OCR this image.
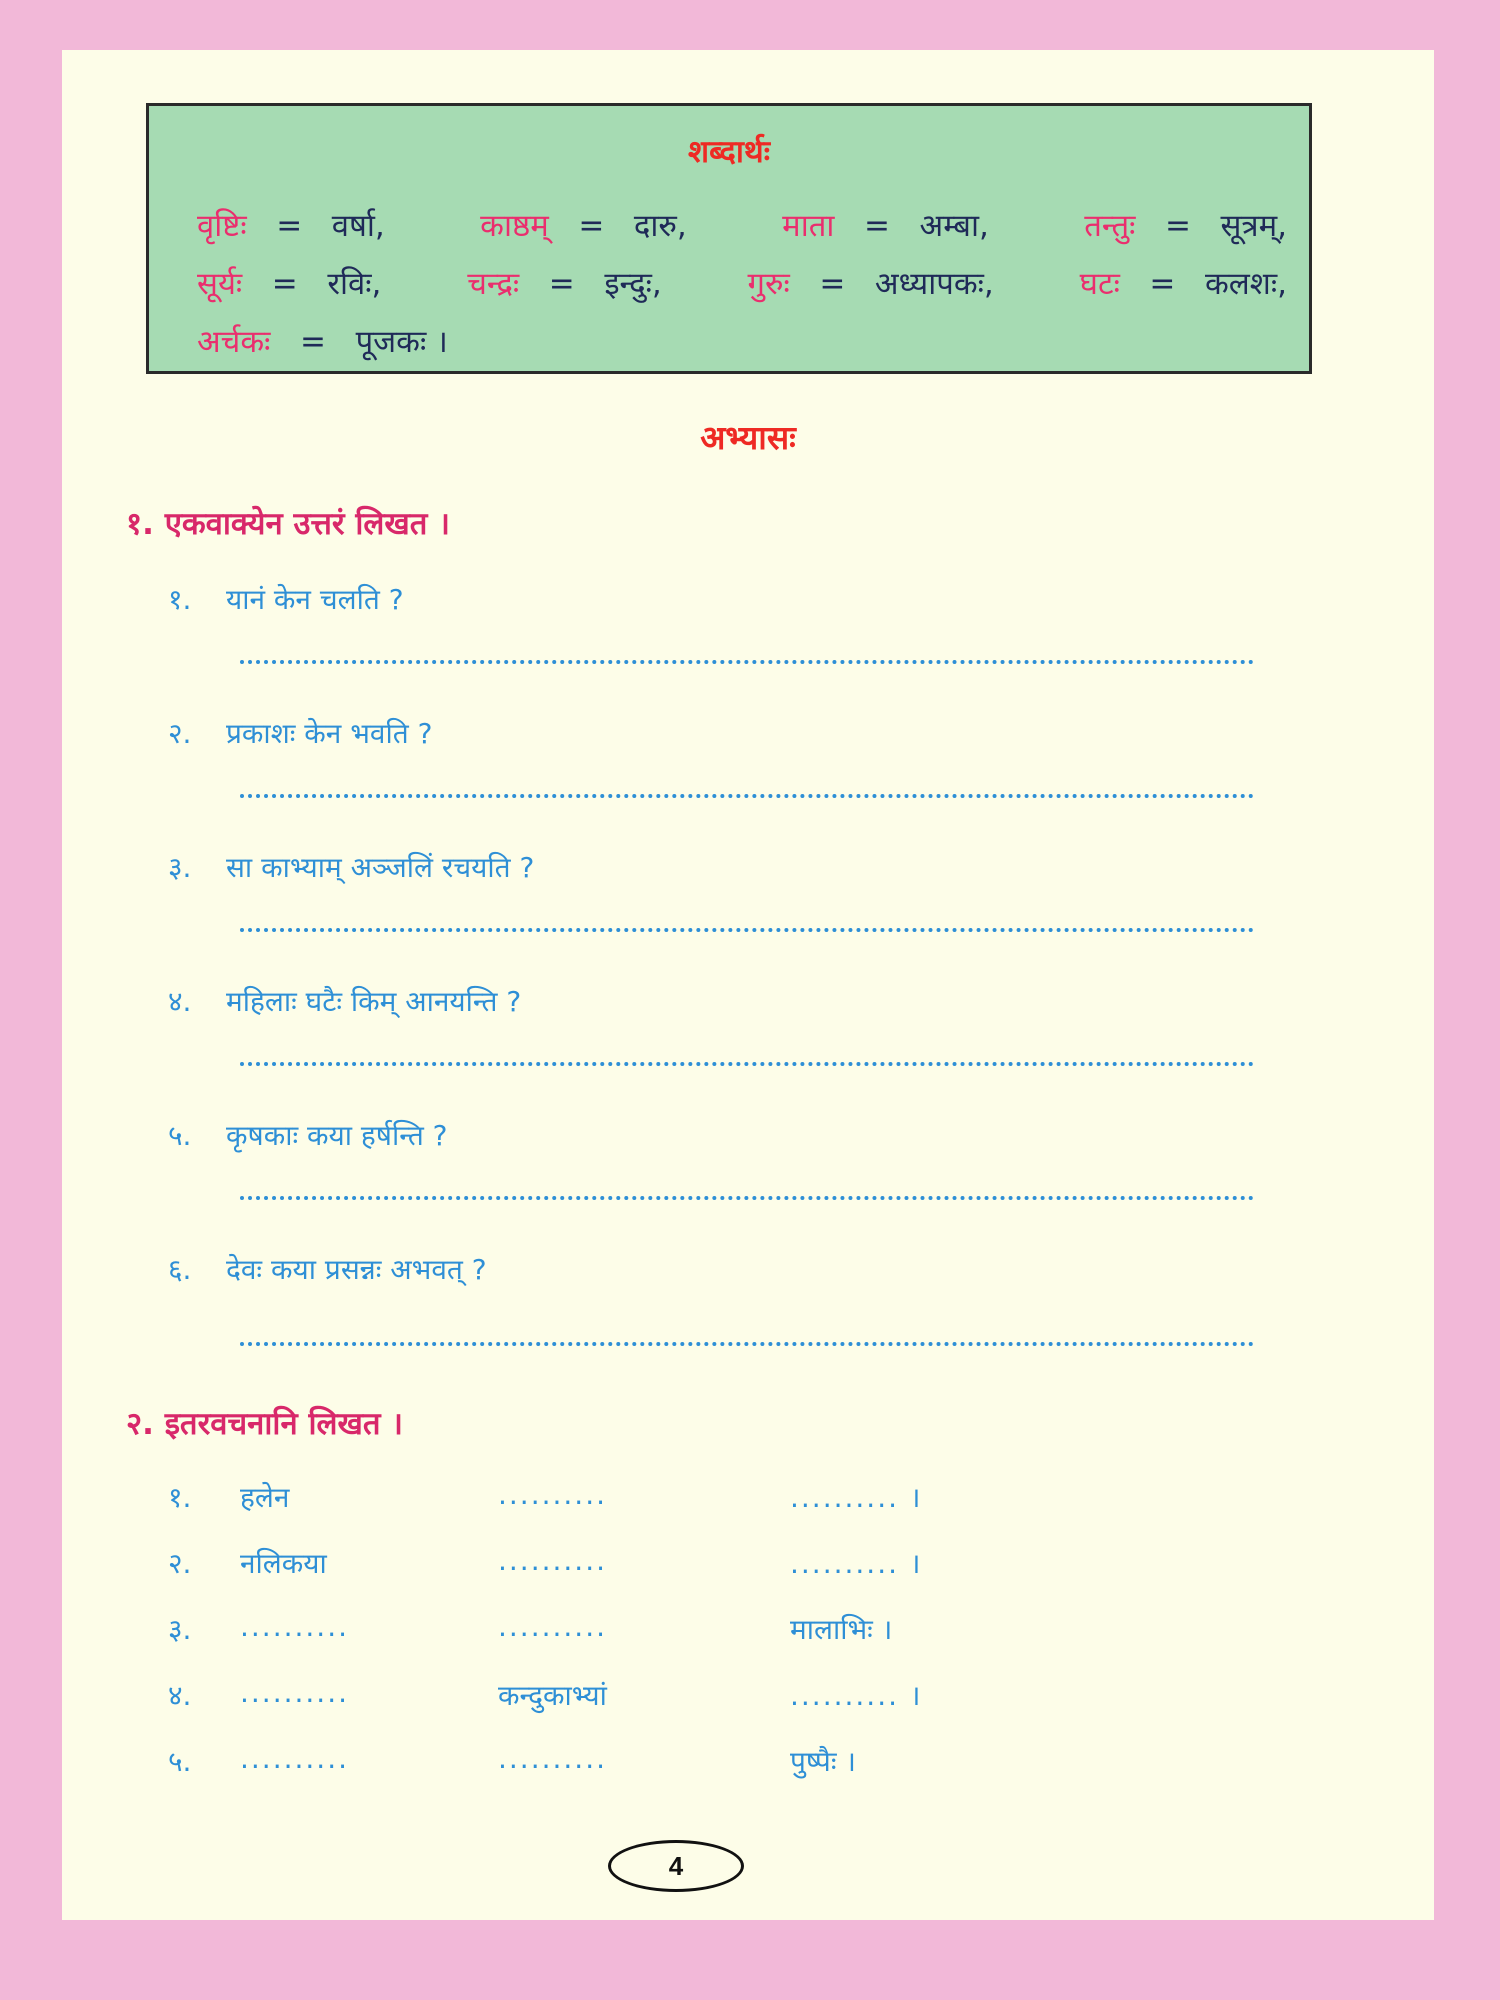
शब्दार्थः
वृष्टिः = वर्षा,	काष्ठम् = दारु,	माता = अम्बा,	तन्तुः = सूत्रम्,
सूर्यः = रविः,	चन्द्रः = इन्दुः,	गुरुः = अध्यापकः,	घटः = कलशः,
अर्चकः = पूजकः ।
अभ्यासः
१. एकवाक्येन उत्तरं लिखत ।
१. यानं केन चलति ?
२. प्रकाशः केन भवति ?
३. सा काभ्याम् अञ्जलिं रचयति ?
४. महिलाः घटैः किम् आनयन्ति ?
५. कृषकाः कया हर्षन्ति ?
६. देवः कया प्रसन्नः अभवत् ?
२. इतरवचनानि लिखत ।
१. हलेन	..........	.......... ।
२. नलिकया	..........	.......... ।
३. ..........	..........	मालाभिः ।
४. ..........	कन्दुकाभ्यां	.......... ।
५. ..........	..........	पुष्पैः ।
4
